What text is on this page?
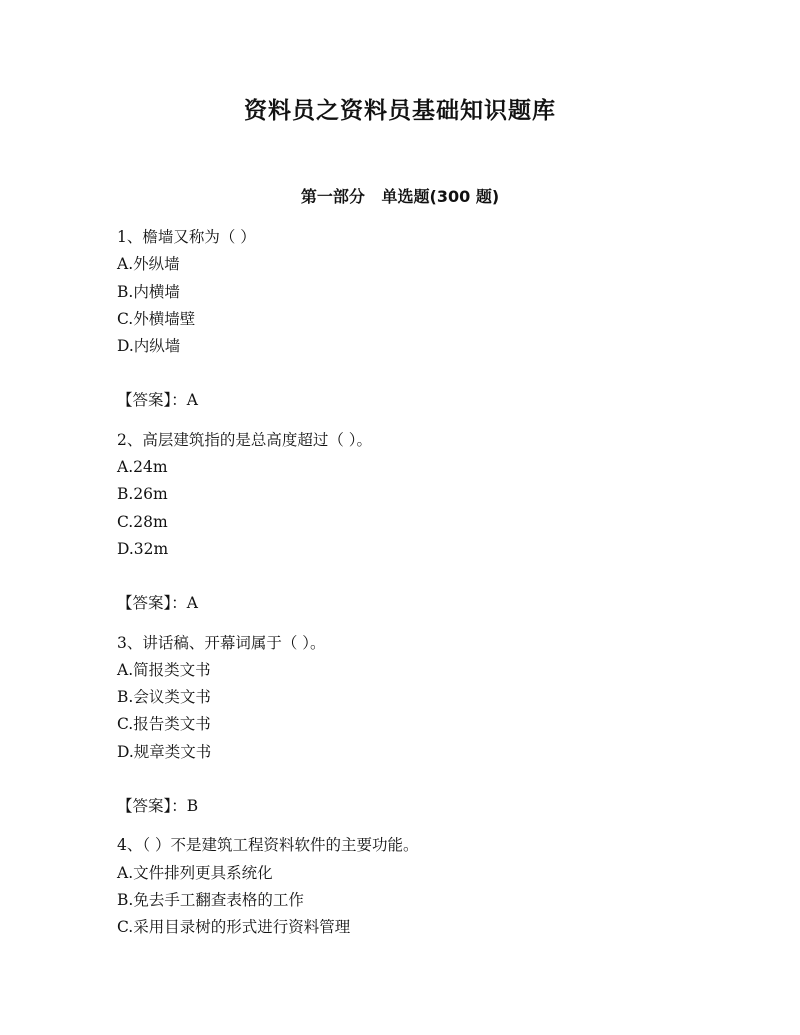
资料员之资料员基础知识题库
第一部分   单选题(300 题)
1、檐墙又称为（ ）
A.外纵墙
B.内横墙
C.外横墙壁
D.内纵墙
【答案】：A
2、高层建筑指的是总高度超过（ ）。
A.24m
B.26m
C.28m
D.32m
【答案】：A
3、讲话稿、开幕词属于（ ）。
A.简报类文书
B.会议类文书
C.报告类文书
D.规章类文书
【答案】：B
4、（ ）不是建筑工程资料软件的主要功能。
A.文件排列更具系统化
B.免去手工翻查表格的工作
C.采用目录树的形式进行资料管理
